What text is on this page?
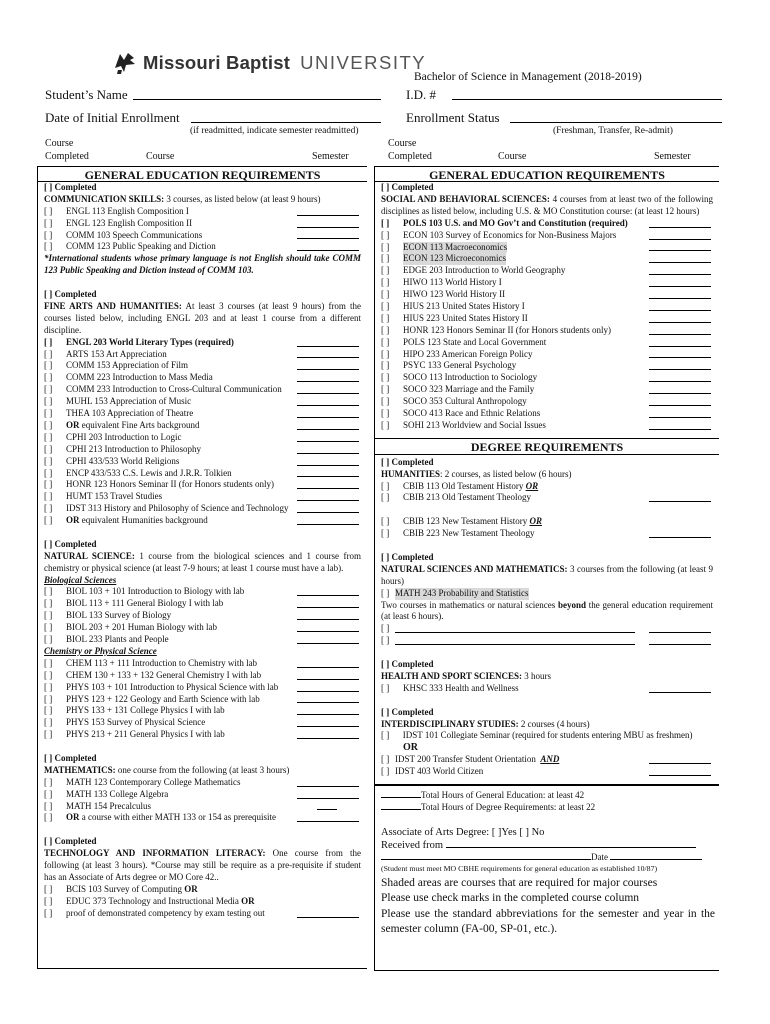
Missouri Baptist UNIVERSITY
Bachelor of Science in Management (2018-2019)
Student’s Name	I.D. #
Date of Initial Enrollment	Enrollment Status
(if readmitted, indicate semester readmitted)	(Freshman, Transfer, Re-admit)
Course
Completed	Course	Semester
Course
Completed	Course	Semester
GENERAL EDUCATION REQUIREMENTS
[ ] Completed
COMMUNICATION SKILLS: 3 courses, as listed below (at least 9 hours)
[ ] ENGL 113 English Composition I
[ ] ENGL 123 English Composition II
[ ] COMM 103 Speech Communications
[ ] COMM 123 Public Speaking and Diction
*International students whose primary language is not English should take COMM 123 Public Speaking and Diction instead of COMM 103.
[ ] Completed
FINE ARTS AND HUMANITIES: At least 3 courses (at least 9 hours) from the courses listed below, including ENGL 203 and at least 1 course from a different discipline.
[ ] ENGL 203 World Literary Types (required)
[ ] ARTS 153 Art Appreciation
[ ] COMM 153 Appreciation of Film
[ ] COMM 223 Introduction to Mass Media
[ ] COMM 233 Introduction to Cross-Cultural Communication
[ ] MUHL 153 Appreciation of Music
[ ] THEA 103 Appreciation of Theatre
[ ] OR equivalent Fine Arts background
[ ] CPHI 203 Introduction to Logic
[ ] CPHI 213 Introduction to Philosophy
[ ] CPHI 433/533 World Religions
[ ] ENCP 433/533 C.S. Lewis and J.R.R. Tolkien
[ ] HONR 123 Honors Seminar II (for Honors students only)
[ ] HUMT 153 Travel Studies
[ ] IDST 313 History and Philosophy of Science and Technology
[ ] OR equivalent Humanities background
[ ] Completed
NATURAL SCIENCE: 1 course from the biological sciences and 1 course from chemistry or physical science (at least 7-9 hours; at least 1 course must have a lab).
Biological Sciences
[ ] BIOL 103 + 101 Introduction to Biology with lab
[ ] BIOL 113 + 111 General Biology I with lab
[ ] BIOL 133 Survey of Biology
[ ] BIOL 203 + 201 Human Biology with lab
[ ] BIOL 233 Plants and People
Chemistry or Physical Science
[ ] CHEM 113 + 111 Introduction to Chemistry with lab
[ ] CHEM 130 + 133 + 132 General Chemistry I with lab
[ ] PHYS 103 + 101 Introduction to Physical Science with lab
[ ] PHYS 123 + 122 Geology and Earth Science with lab
[ ] PHYS 133 + 131 College Physics I with lab
[ ] PHYS 153 Survey of Physical Science
[ ] PHYS 213 + 211 General Physics I with lab
[ ] Completed
MATHEMATICS: one course from the following (at least 3 hours)
[ ] MATH 123 Contemporary College Mathematics
[ ] MATH 133 College Algebra
[ ] MATH 154 Precalculus
[ ] OR a course with either MATH 133 or 154 as prerequisite
[ ] Completed
TECHNOLOGY AND INFORMATION LITERACY: One course from the following (at least 3 hours). *Course may still be require as a pre-requisite if student has an Associate of Arts degree or MO Core 42..
[ ] BCIS 103 Survey of Computing OR
[ ] EDUC 373 Technology and Instructional Media OR
[ ] proof of demonstrated competency by exam testing out
GENERAL EDUCATION REQUIREMENTS
[ ] Completed
SOCIAL AND BEHAVIORAL SCIENCES: 4 courses from at least two of the following disciplines as listed below, including U.S. & MO Constitution course: (at least 12 hours)
[ ] POLS 103 U.S. and MO Gov’t and Constitution (required)
[ ] ECON 103 Survey of Economics for Non-Business Majors
[ ] ECON 113 Macroeconomics
[ ] ECON 123 Microeconomics
[ ] EDGE 203 Introduction to World Geography
[ ] HIWO 113 World History I
[ ] HIWO 123 World History II
[ ] HIUS 213 United States History I
[ ] HIUS 223 United States History II
[ ] HONR 123 Honors Seminar II (for Honors students only)
[ ] POLS 123 State and Local Government
[ ] HIPO 233 American Foreign Policy
[ ] PSYC 133 General Psychology
[ ] SOCO 113 Introduction to Sociology
[ ] SOCO 323 Marriage and the Family
[ ] SOCO 353 Cultural Anthropology
[ ] SOCO 413 Race and Ethnic Relations
[ ] SOHI 213 Worldview and Social Issues
DEGREE REQUIREMENTS
[ ] Completed
HUMANITIES: 2 courses, as listed below (6 hours)
[ ] CBIB 113 Old Testament History OR
[ ] CBIB 213 Old Testament Theology
[ ] CBIB 123 New Testament History OR
[ ] CBIB 223 New Testament Theology
[ ] Completed
NATURAL SCIENCES AND MATHEMATICS: 3 courses from the following (at least 9 hours)
[ ] MATH 243 Probability and Statistics
Two courses in mathematics or natural sciences beyond the general education requirement (at least 6 hours).
[ ]
[ ]
[ ] Completed
HEALTH AND SPORT SCIENCES: 3 hours
[ ] KHSC 333 Health and Wellness
[ ] Completed
INTERDISCIPLINARY STUDIES: 2 courses (4 hours)
[ ]      IDST 101 Collegiate Seminar (required for students entering MBU as freshmen)
OR
[ ] IDST 200 Transfer Student Orientation AND
[ ] IDST 403 World Citizen
Total Hours of General Education: at least 42
Total Hours of Degree Requirements: at least 22
Associate of Arts Degree: [ ]Yes [ ] No
Received from
Date
(Student must meet MO CBHE requirements for general education as established 10/87)
Shaded areas are courses that are required for major courses
Please use check marks in the completed course column
Please use the standard abbreviations for the semester and year in the semester column (FA-00, SP-01, etc.).
